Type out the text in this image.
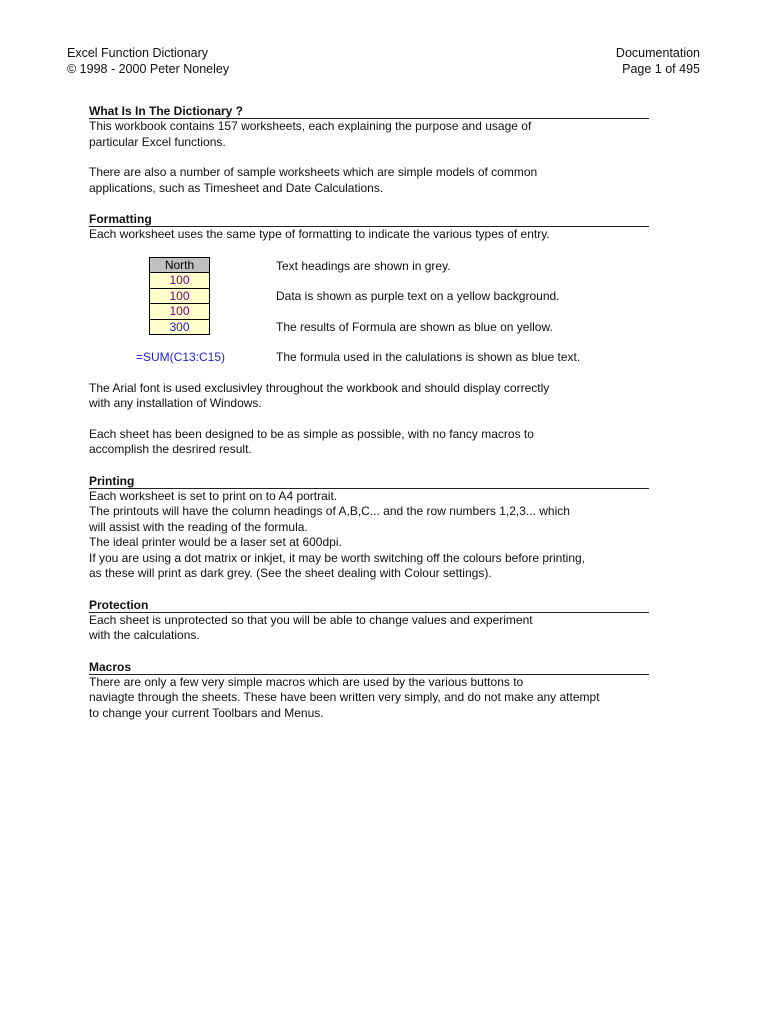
Excel Function Dictionary
© 1998 - 2000 Peter Noneley
Documentation
Page 1 of 495
What Is In The Dictionary ?

This workbook contains 157 worksheets, each explaining the purpose and usage of

particular Excel functions.

There are also a number of sample worksheets which are simple models of common

applications, such as Timesheet and Date Calculations.

Formatting

Each worksheet uses the same type of formatting to indicate the various types of entry.

North
100
100
100
300
Text headings are shown in grey.
Data is shown as purple text on a yellow background.
The results of Formula are shown as blue on yellow.
=SUM(C13:C15)	The formula used in the calulations is shown as blue text.

The Arial font is used exclusivley throughout the workbook and should display correctly

with any installation of Windows.

Each sheet has been designed to be as simple as possible, with no fancy macros to

accomplish the desrired result.

Printing

Each worksheet is set to print on to A4 portrait.

The printouts will have the column headings of A,B,C... and the row numbers 1,2,3... which

will assist with the reading of the formula.

The ideal printer would be a laser set at 600dpi.

If you are using a dot matrix or inkjet, it may be worth switching off the colours before printing,

as these will print as dark grey. (See the sheet dealing with Colour settings).

Protection

Each sheet is unprotected so that you will be able to change values and experiment

with the calculations.

Macros

There are only a few very simple macros which are used by the various buttons to

naviagte through the sheets. These have been written very simply, and do not make any attempt

to change your current Toolbars and Menus.
